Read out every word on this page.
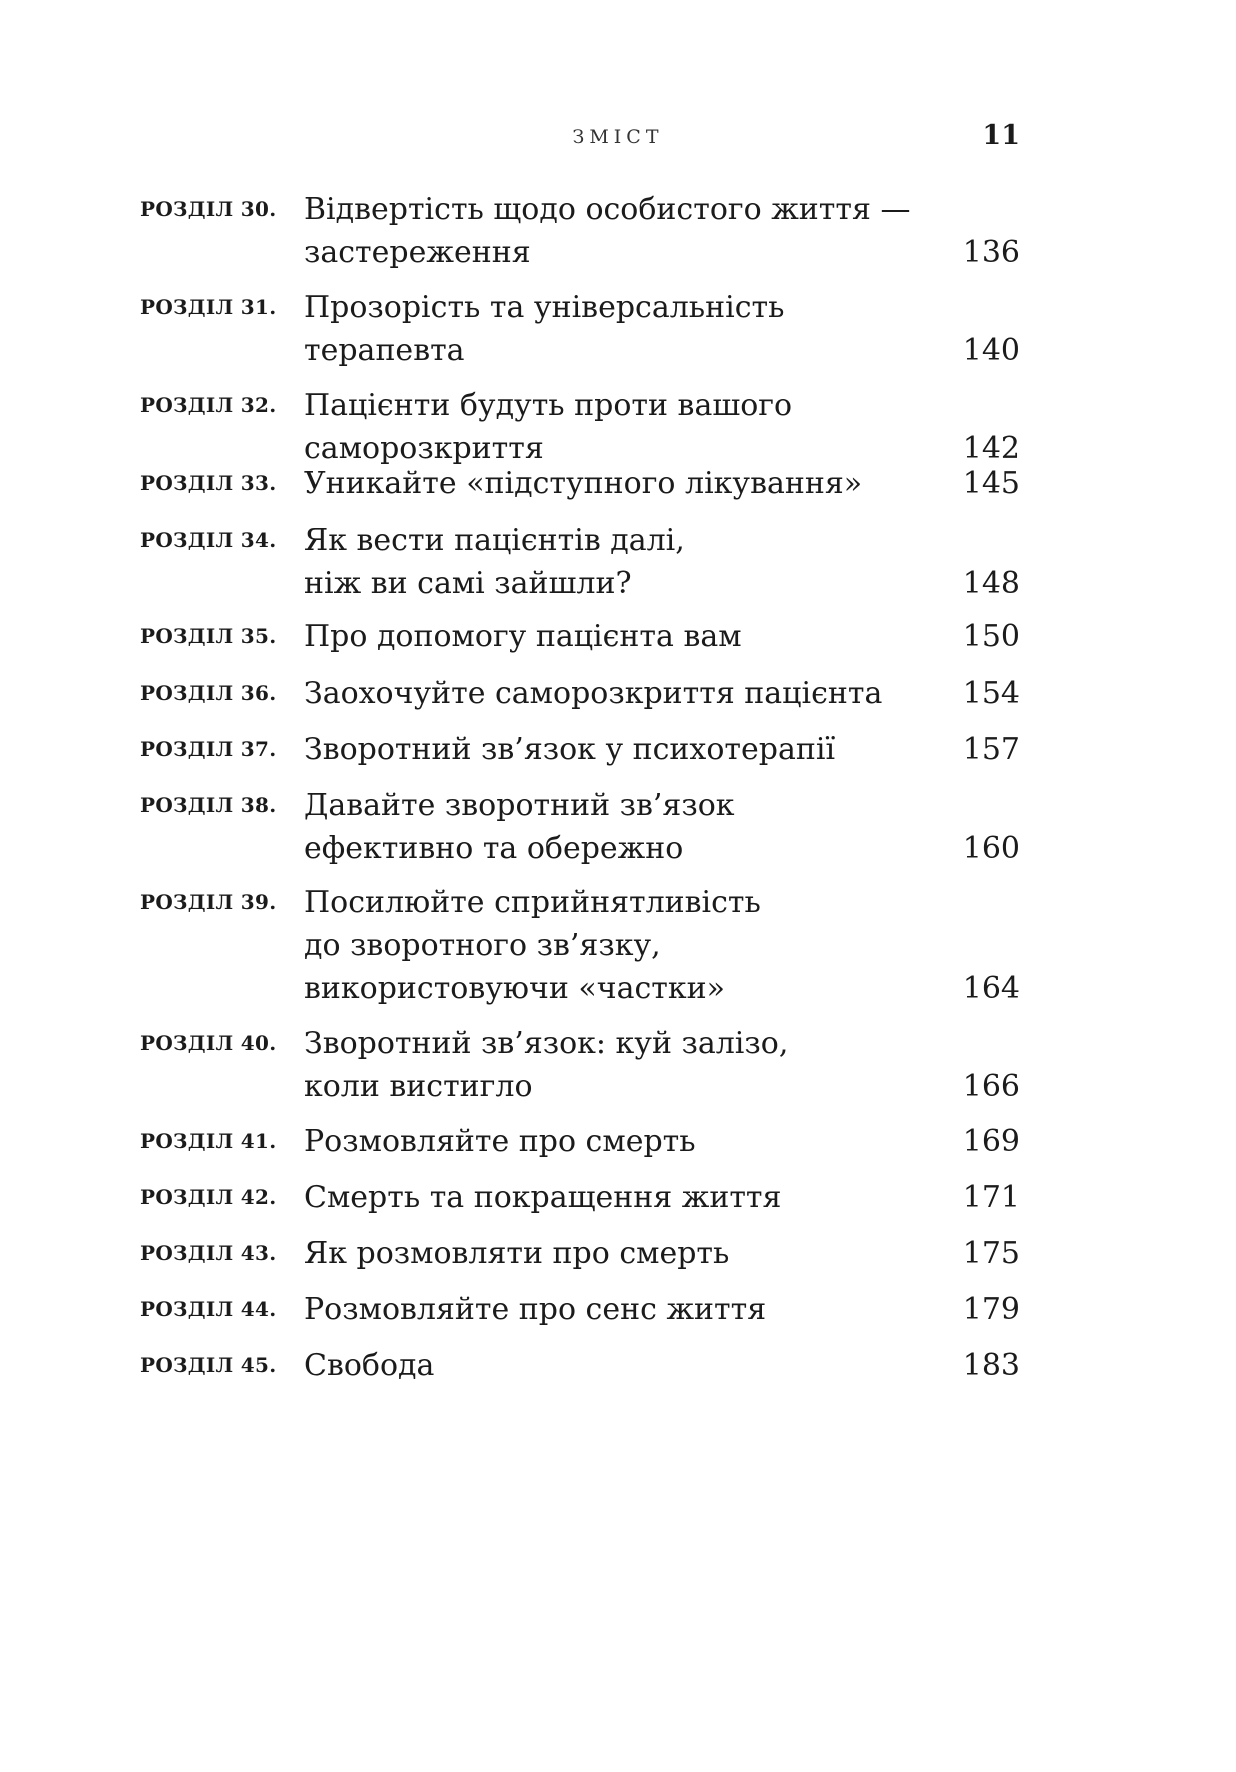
ЗМІСТ	11
РОЗДІЛ 30. Відвертість щодо особистого життя —
застереження	136
РОЗДІЛ 31. Прозорість та універсальність
терапевта	140
РОЗДІЛ 32. Пацієнти будуть проти вашого
саморозкриття	142
РОЗДІЛ 33. Уникайте «підступного лікування»	145
РОЗДІЛ 34. Як вести пацієнтів далі,
ніж ви самі зайшли?	148
РОЗДІЛ 35. Про допомогу пацієнта вам	150
РОЗДІЛ 36. Заохочуйте саморозкриття пацієнта	154
РОЗДІЛ 37. Зворотний зв’язок у психотерапії	157
РОЗДІЛ 38. Давайте зворотний зв’язок
ефективно та обережно	160
РОЗДІЛ 39. Посилюйте сприйнятливість
до зворотного зв’язку,
використовуючи «частки»	164
РОЗДІЛ 40. Зворотний зв’язок: куй залізо,
коли вистигло	166
РОЗДІЛ 41. Розмовляйте про смерть	169
РОЗДІЛ 42. Смерть та покращення життя	171
РОЗДІЛ 43. Як розмовляти про смерть	175
РОЗДІЛ 44. Розмовляйте про сенс життя	179
РОЗДІЛ 45. Свобода	183
